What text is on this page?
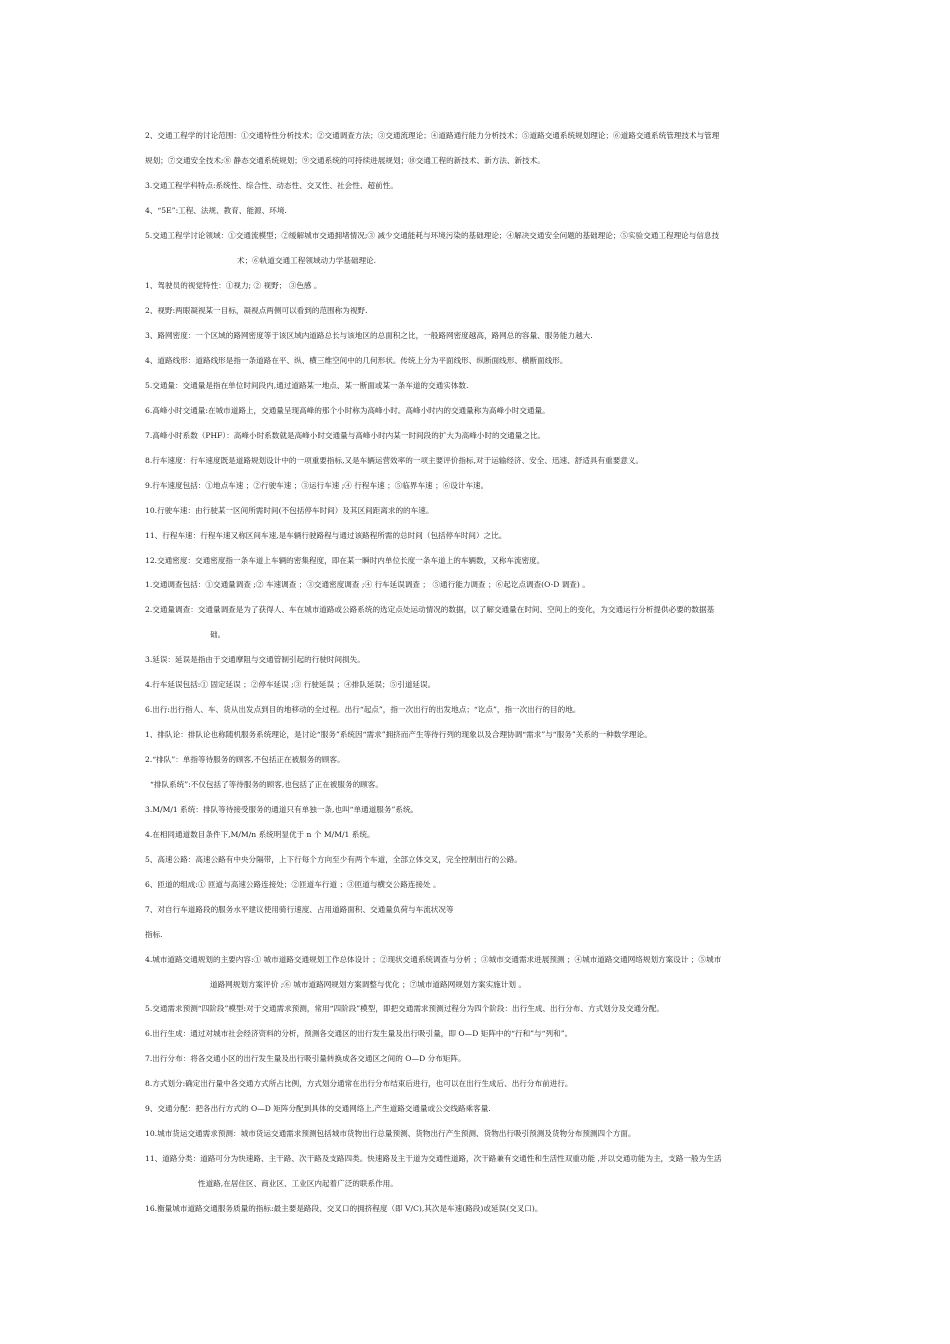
2、交通工程学的讨论范围：①交通特性分析技术；②交通调查方法；③交通流理论；④道路通行能力分析技术；⑤道路交通系统规划理论；⑥道路交通系统管理技术与管理
规划；⑦交通安全技术;⑧ 静态交通系统规划；⑨交通系统的可持续进展规划；⑩交通工程的新技术、新方法、新技术。
3.交通工程学科特点:系统性、综合性、动态性、交叉性、社会性、超前性。
4、“5E”:工程、法规、教育、能源、环境.
5.交通工程学讨论领域：①交通流模型；②缓解城市交通拥堵情况;③ 减少交通能耗与环境污染的基础理论；④解决交通安全问题的基础理论；⑤实验交通工程理论与信息技
术；⑥轨道交通工程领域动力学基础理论.
1、驾驶员的视觉特性：①视力; ② 视野； ③色感 。
2、视野:两眼凝视某一目标，凝视点两侧可以看到的范围称为视野.
3、路网密度：一个区域的路网密度等于该区域内道路总长与该地区的总面积之比，一般路网密度越高，路网总的容量、服务能力越大.
4、道路线形：道路线形是指一条道路在平、纵、横三维空间中的几何形状。传统上分为平面线形、纵断面线形、横断面线形。
5.交通量：交通量是指在单位时间段内,通过道路某一地点、某一断面或某一条车道的交通实体数.
6.高峰小时交通量:在城市道路上，交通量呈现高峰的那个小时称为高峰小时。高峰小时内的交通量称为高峰小时交通量。
7.高峰小时系数（PHF）：高峰小时系数就是高峰小时交通量与高峰小时内某一时间段的扩大为高峰小时的交通量之比。
8.行车速度：行车速度既是道路规划设计中的一项重要指标,又是车辆运营效率的一项主要评价指标,对于运输经济、安全、迅速、舒适具有重要意义。
9.行车速度包括：①地点车速 ；②行驶车速 ；③运行车速 ;④ 行程车速 ；⑤临界车速 ；⑥设计车速。
10.行驶车速：由行驶某一区间所需时间(不包括停车时间）及其区间距离求的的车速。
11、行程车速：行程车速又称区间车速,是车辆行驶路程与通过该路程所需的总时间（包括停车时间）之比。
12.交通密度：交通密度指一条车道上车辆的密集程度，即在某一瞬时内单位长度一条车道上的车辆数，又称车流密度。
1.交通调查包括：①交通量调查 ;② 车速调查 ；③交通密度调查 ;④ 行车延误调查 ； ⑤通行能力调查 ；⑥起讫点调查(O-D 调查) 。
2.交通量调查：交通量调查是为了获得人、车在城市道路或公路系统的选定点处运动情况的数据，以了解交通量在时间、空间上的变化，为交通运行分析提供必要的数据基
础。
3.延误：延误是指由于交通摩阻与交通管制引起的行驶时间损失。
4.行车延误包括:① 固定延误 ；②停车延误 ;③ 行驶延误 ；④排队延误；⑤引道延误。
6.出行:出行指人、车、货从出发点到目的地移动的全过程。出行“起点”，指一次出行的出发地点；“讫点”，指一次出行的目的地。
1、排队论：排队论也称随机服务系统理论，是讨论“服务”系统因“需求”拥挤而产生等待行列的现象以及合理协调“需求”与“服务”关系的一种数学理论。
2.“排队”：单指等待服务的顾客,不包括正在被服务的顾客。
“排队系统”:不仅包括了等待服务的顾客,也包括了正在被服务的顾客。
3.M/M/1 系统：排队等待接受服务的通道只有单独一条,也叫“单通道服务”系统。
4.在相同通道数目条件下,M/M/n 系统明显优于 n 个 M/M/1 系统。
5、高速公路：高速公路有中央分隔带，上下行每个方向至少有两个车道，全部立体交叉，完全控制出行的公路。
6、匝道的组成:① 匝道与高速公路连接处；②匝道车行道 ；③匝道与横交公路连接处 。
7、对自行车道路段的服务水平建议使用骑行速度、占用道路面积、交通量负荷与车流状况等
指标.
4.城市道路交通规划的主要内容:① 城市道路交通规划工作总体设计 ；②现状交通系统调查与分析 ；③城市交通需求进展预测 ；④城市道路交通网络规划方案设计 ；⑤城市
道路网规划方案评价 ;⑥ 城市道路网规划方案调整与优化 ；⑦城市道路网规划方案实施计划 。
5.交通需求预测“四阶段”模型:对于交通需求预测，常用“四阶段”模型，即把交通需求预测过程分为四个阶段：出行生成、出行分布、方式划分及交通分配。
6.出行生成：通过对城市社会经济资料的分析，预测各交通区的出行发生量及出行吸引量，即 O—D 矩阵中的“行和”与“列和”。
7.出行分布：将各交通小区的出行发生量及出行吸引量转换成各交通区之间的 O—D 分布矩阵。
8.方式划分:确定出行量中各交通方式所占比例，方式划分通常在出行分布结束后进行，也可以在出行生成后、出行分布前进行。
9、交通分配：把各出行方式的 O—D 矩阵分配到具体的交通网络上,产生道路交通量或公交线路乘客量.
10.城市货运交通需求预测：城市货运交通需求预测包括城市货物出行总量预测、货物出行产生预测、货物出行吸引预测及货物分布预测四个方面。
11、道路分类：道路可分为快速路、主干路、次干路及支路四类。快速路及主干道为交通性道路，次干路兼有交通性和生活性双重功能 ,并以交通功能为主，支路一般为生活
性道路,在居住区、商业区、工业区内起着广泛的联系作用。
16.衡量城市道路交通服务质量的指标:最主要是路段、交叉口的拥挤程度（即 V/C),其次是车速(路段)或延误(交叉口)。
